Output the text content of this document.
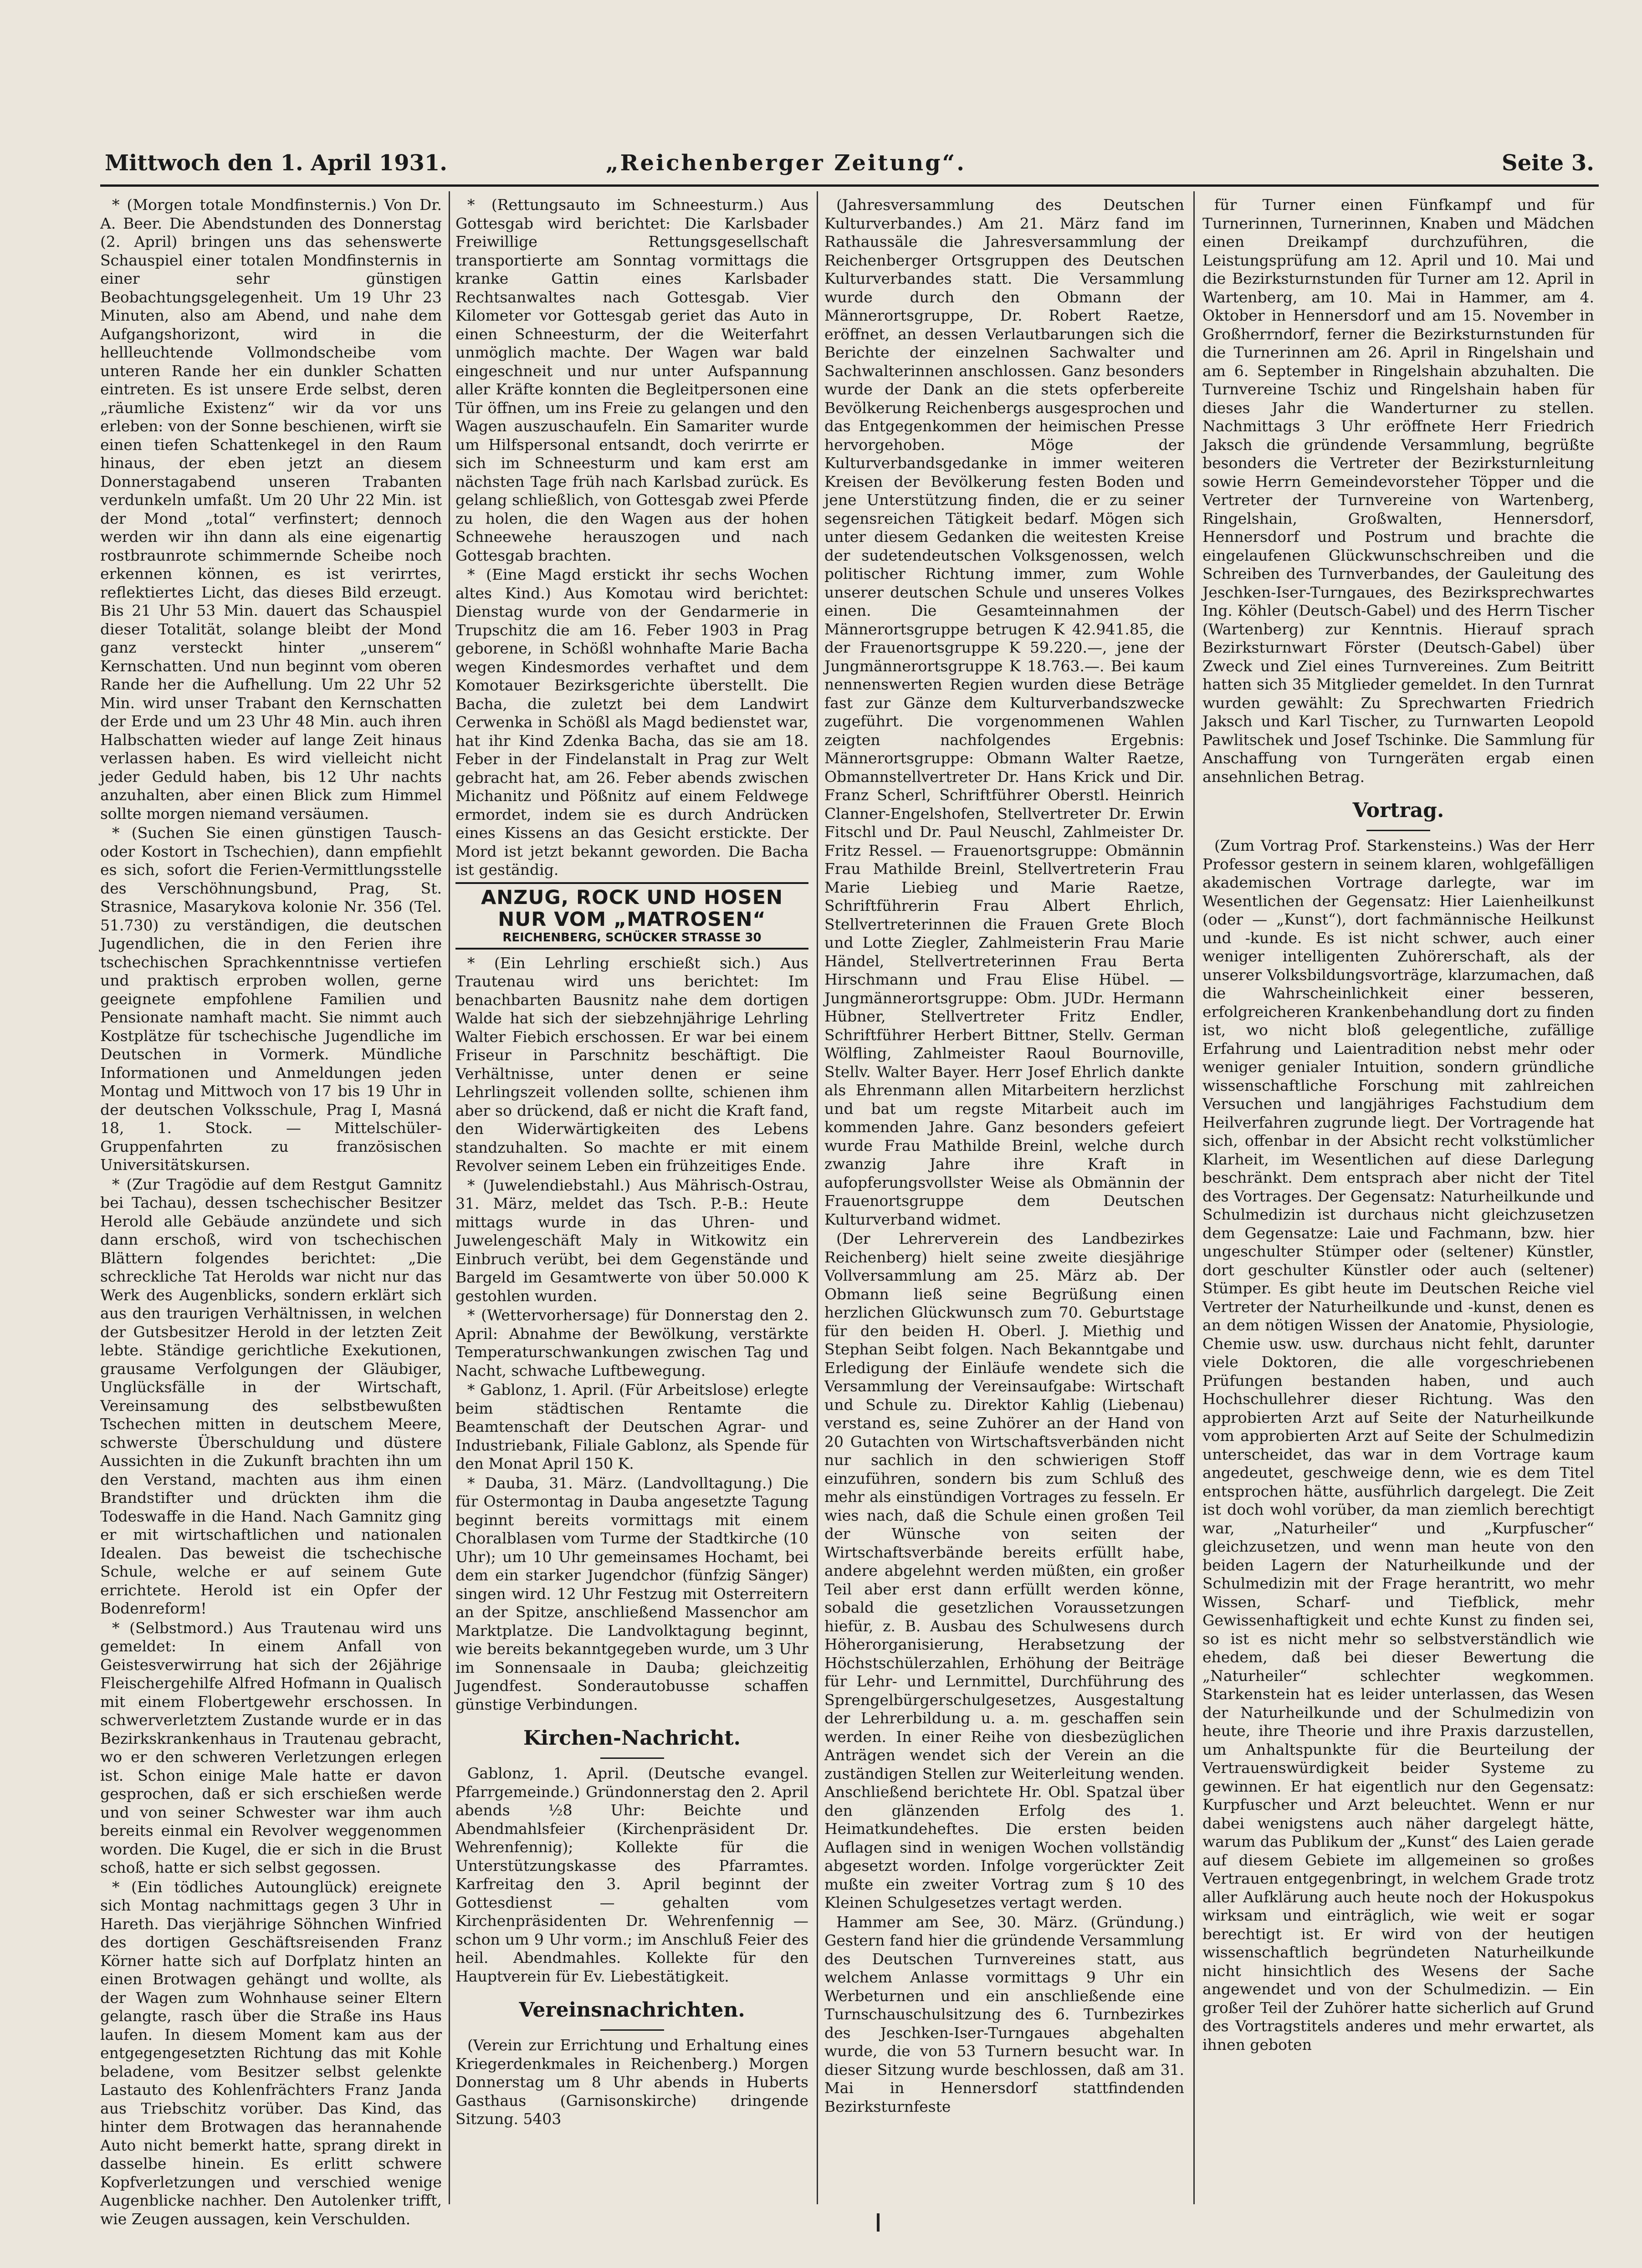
Mittwoch den 1. April 1931.	„Reichenberger Zeitung“.	Seite 3.

* (Morgen totale Mondfinsternis.) Von Dr. A. Beer. Die Abendstunden des Donnerstag (2. April) bringen uns das sehenswerte Schauspiel einer totalen Mondfinsternis in einer sehr günstigen Beobachtungsgelegenheit. Um 19 Uhr 23 Minuten, also am Abend, und nahe dem Aufgangshorizont, wird in die hellleuchtende Vollmondscheibe vom unteren Rande her ein dunkler Schatten eintreten. Es ist unsere Erde selbst, deren „räumliche Existenz“ wir da vor uns erleben: von der Sonne beschienen, wirft sie einen tiefen Schattenkegel in den Raum hinaus, der eben jetzt an diesem Donnerstagabend unseren Trabanten verdunkeln umfaßt. Um 20 Uhr 22 Min. ist der Mond „total“ verfinstert; dennoch werden wir ihn dann als eine eigenartig rostbraunrote schimmernde Scheibe noch erkennen können, es ist verirrtes, reflektiertes Licht, das dieses Bild erzeugt. Bis 21 Uhr 53 Min. dauert das Schauspiel dieser Totalität, solange bleibt der Mond ganz versteckt hinter „unserem“ Kernschatten. Und nun beginnt vom oberen Rande her die Aufhellung. Um 22 Uhr 52 Min. wird unser Trabant den Kernschatten der Erde und um 23 Uhr 48 Min. auch ihren Halbschatten wieder auf lange Zeit hinaus verlassen haben. Es wird vielleicht nicht jeder Geduld haben, bis 12 Uhr nachts anzuhalten, aber einen Blick zum Himmel sollte morgen niemand versäumen.

* (Suchen Sie einen günstigen Tausch- oder Kostort in Tschechien), dann empfiehlt es sich, sofort die Ferien-Vermittlungsstelle des Verschöhnungsbund, Prag, St. Strasnice, Masarykova kolonie Nr. 356 (Tel. 51.730) zu verständigen, die deutschen Jugendlichen, die in den Ferien ihre tschechischen Sprachkenntnisse vertiefen und praktisch erproben wollen, gerne geeignete empfohlene Familien und Pensionate namhaft macht. Sie nimmt auch Kostplätze für tschechische Jugendliche im Deutschen in Vormerk. Mündliche Informationen und Anmeldungen jeden Montag und Mittwoch von 17 bis 19 Uhr in der deutschen Volksschule, Prag I, Masná 18, 1. Stock. — Mittelschüler-Gruppenfahrten zu französischen Universitätskursen.

* (Zur Tragödie auf dem Restgut Gamnitz bei Tachau), dessen tschechischer Besitzer Herold alle Gebäude anzündete und sich dann erschoß, wird von tschechischen Blättern folgendes berichtet: „Die schreckliche Tat Herolds war nicht nur das Werk des Augenblicks, sondern erklärt sich aus den traurigen Verhältnissen, in welchen der Gutsbesitzer Herold in der letzten Zeit lebte. Ständige gerichtliche Exekutionen, grausame Verfolgungen der Gläubiger, Unglücksfälle in der Wirtschaft, Vereinsamung des selbstbewußten Tschechen mitten in deutschem Meere, schwerste Überschuldung und düstere Aussichten in die Zukunft brachten ihn um den Verstand, machten aus ihm einen Brandstifter und drückten ihm die Todeswaffe in die Hand. Nach Gamnitz ging er mit wirtschaftlichen und nationalen Idealen. Das beweist die tschechische Schule, welche er auf seinem Gute errichtete. Herold ist ein Opfer der Bodenreform!

* (Selbstmord.) Aus Trautenau wird uns gemeldet: In einem Anfall von Geistesverwirrung hat sich der 26jährige Fleischergehilfe Alfred Hofmann in Qualisch mit einem Flobertgewehr erschossen. In schwerverletztem Zustande wurde er in das Bezirkskrankenhaus in Trautenau gebracht, wo er den schweren Verletzungen erlegen ist. Schon einige Male hatte er davon gesprochen, daß er sich erschießen werde und von seiner Schwester war ihm auch bereits einmal ein Revolver weggenommen worden. Die Kugel, die er sich in die Brust schoß, hatte er sich selbst gegossen.

* (Ein tödliches Autounglück) ereignete sich Montag nachmittags gegen 3 Uhr in Hareth. Das vierjährige Söhnchen Winfried des dortigen Geschäftsreisenden Franz Körner hatte sich auf Dorfplatz hinten an einen Brotwagen gehängt und wollte, als der Wagen zum Wohnhause seiner Eltern gelangte, rasch über die Straße ins Haus laufen. In diesem Moment kam aus der entgegengesetzten Richtung das mit Kohle beladene, vom Besitzer selbst gelenkte Lastauto des Kohlenfrächters Franz Janda aus Triebschitz vorüber. Das Kind, das hinter dem Brotwagen das herannahende Auto nicht bemerkt hatte, sprang direkt in dasselbe hinein. Es erlitt schwere Kopfverletzungen und verschied wenige Augenblicke nachher. Den Autolenker trifft, wie Zeugen aussagen, kein Verschulden.

* (Rettungsauto im Schneesturm.) Aus Gottesgab wird berichtet: Die Karlsbader Freiwillige Rettungsgesellschaft transportierte am Sonntag vormittags die kranke Gattin eines Karlsbader Rechtsanwaltes nach Gottesgab. Vier Kilometer vor Gottesgab geriet das Auto in einen Schneesturm, der die Weiterfahrt unmöglich machte. Der Wagen war bald eingeschneit und nur unter Aufspannung aller Kräfte konnten die Begleitpersonen eine Tür öffnen, um ins Freie zu gelangen und den Wagen auszuschaufeln. Ein Samariter wurde um Hilfspersonal entsandt, doch verirrte er sich im Schneesturm und kam erst am nächsten Tage früh nach Karlsbad zurück. Es gelang schließlich, von Gottesgab zwei Pferde zu holen, die den Wagen aus der hohen Schneewehe herauszogen und nach Gottesgab brachten.

* (Eine Magd erstickt ihr sechs Wochen altes Kind.) Aus Komotau wird berichtet: Dienstag wurde von der Gendarmerie in Trupschitz die am 16. Feber 1903 in Prag geborene, in Schößl wohnhafte Marie Bacha wegen Kindesmordes verhaftet und dem Komotauer Bezirksgerichte überstellt. Die Bacha, die zuletzt bei dem Landwirt Cerwenka in Schößl als Magd bedienstet war, hat ihr Kind Zdenka Bacha, das sie am 18. Feber in der Findelanstalt in Prag zur Welt gebracht hat, am 26. Feber abends zwischen Michanitz und Pößnitz auf einem Feldwege ermordet, indem sie es durch Andrücken eines Kissens an das Gesicht erstickte. Der Mord ist jetzt bekannt geworden. Die Bacha ist geständig.

ANZUG, ROCK UND HOSEN NUR VOM „MATROSEN“
REICHENBERG, SCHÜCKER STRASSE 30

* (Ein Lehrling erschießt sich.) Aus Trautenau wird uns berichtet: Im benachbarten Bausnitz nahe dem dortigen Walde hat sich der siebzehnjährige Lehrling Walter Fiebich erschossen. Er war bei einem Friseur in Parschnitz beschäftigt. Die Verhältnisse, unter denen er seine Lehrlingszeit vollenden sollte, schienen ihm aber so drückend, daß er nicht die Kraft fand, den Widerwärtigkeiten des Lebens standzuhalten. So machte er mit einem Revolver seinem Leben ein frühzeitiges Ende.

* (Juwelendiebstahl.) Aus Mährisch-Ostrau, 31. März, meldet das Tsch. P.-B.: Heute mittags wurde in das Uhren- und Juwelengeschäft Maly in Witkowitz ein Einbruch verübt, bei dem Gegenstände und Bargeld im Gesamtwerte von über 50.000 K gestohlen wurden.

* (Wettervorhersage) für Donnerstag den 2. April: Abnahme der Bewölkung, verstärkte Temperaturschwankungen zwischen Tag und Nacht, schwache Luftbewegung.

* Gablonz, 1. April. (Für Arbeitslose) erlegte beim städtischen Rentamte die Beamtenschaft der Deutschen Agrar- und Industriebank, Filiale Gablonz, als Spende für den Monat April 150 K.

* Dauba, 31. März. (Landvolltagung.) Die für Ostermontag in Dauba angesetzte Tagung beginnt bereits vormittags mit einem Choralblasen vom Turme der Stadtkirche (10 Uhr); um 10 Uhr gemeinsames Hochamt, bei dem ein starker Jugendchor (fünfzig Sänger) singen wird. 12 Uhr Festzug mit Osterreitern an der Spitze, anschließend Massenchor am Marktplatze. Die Landvolktagung beginnt, wie bereits bekanntgegeben wurde, um 3 Uhr im Sonnensaale in Dauba; gleichzeitig Jugendfest. Sonderautobusse schaffen günstige Verbindungen.

Kirchen-Nachricht.

Gablonz, 1. April. (Deutsche evangel. Pfarrgemeinde.) Gründonnerstag den 2. April abends ½8 Uhr: Beichte und Abendmahlsfeier (Kirchenpräsident Dr. Wehrenfennig); Kollekte für die Unterstützungskasse des Pfarramtes. Karfreitag den 3. April beginnt der Gottesdienst — gehalten vom Kirchenpräsidenten Dr. Wehrenfennig — schon um 9 Uhr vorm.; im Anschluß Feier des heil. Abendmahles. Kollekte für den Hauptverein für Ev. Liebestätigkeit.

Vereinsnachrichten.

(Verein zur Errichtung und Erhaltung eines Kriegerdenkmales in Reichenberg.) Morgen Donnerstag um 8 Uhr abends in Huberts Gasthaus (Garnisonskirche) dringende Sitzung. 5403

(Jahresversammlung des Deutschen Kulturverbandes.) Am 21. März fand im Rathaussäle die Jahresversammlung der Reichenberger Ortsgruppen des Deutschen Kulturverbandes statt. Die Versammlung wurde durch den Obmann der Männerortsgruppe, Dr. Robert Raetze, eröffnet, an dessen Verlautbarungen sich die Berichte der einzelnen Sachwalter und Sachwalterinnen anschlossen. Ganz besonders wurde der Dank an die stets opferbereite Bevölkerung Reichenbergs ausgesprochen und das Entgegenkommen der heimischen Presse hervorgehoben. Möge der Kulturverbandsgedanke in immer weiteren Kreisen der Bevölkerung festen Boden und jene Unterstützung finden, die er zu seiner segensreichen Tätigkeit bedarf. Mögen sich unter diesem Gedanken die weitesten Kreise der sudetendeutschen Volksgenossen, welch politischer Richtung immer, zum Wohle unserer deutschen Schule und unseres Volkes einen. Die Gesamteinnahmen der Männerortsgruppe betrugen K 42.941.85, die der Frauenortsgruppe K 59.220.—, jene der Jungmännerortsgruppe K 18.763.—. Bei kaum nennenswerten Regien wurden diese Beträge fast zur Gänze dem Kulturverbandszwecke zugeführt. Die vorgenommenen Wahlen zeigten nachfolgendes Ergebnis: Männerortsgruppe: Obmann Walter Raetze, Obmannstellvertreter Dr. Hans Krick und Dir. Franz Scherl, Schriftführer Oberstl. Heinrich Clanner-Engelshofen, Stellvertreter Dr. Erwin Fitschl und Dr. Paul Neuschl, Zahlmeister Dr. Fritz Ressel. — Frauenortsgruppe: Obmännin Frau Mathilde Breinl, Stellvertreterin Frau Marie Liebieg und Marie Raetze, Schriftführerin Frau Albert Ehrlich, Stellvertreterinnen die Frauen Grete Bloch und Lotte Ziegler, Zahlmeisterin Frau Marie Händel, Stellvertreterinnen Frau Berta Hirschmann und Frau Elise Hübel. — Jungmännerortsgruppe: Obm. JUDr. Hermann Hübner, Stellvertreter Fritz Endler, Schriftführer Herbert Bittner, Stellv. German Wölfling, Zahlmeister Raoul Bournoville, Stellv. Walter Bayer. Herr Josef Ehrlich dankte als Ehrenmann allen Mitarbeitern herzlichst und bat um regste Mitarbeit auch im kommenden Jahre. Ganz besonders gefeiert wurde Frau Mathilde Breinl, welche durch zwanzig Jahre ihre Kraft in aufopferungsvollster Weise als Obmännin der Frauenortsgruppe dem Deutschen Kulturverband widmet.

(Der Lehrerverein des Landbezirkes Reichenberg) hielt seine zweite diesjährige Vollversammlung am 25. März ab. Der Obmann ließ seine Begrüßung einen herzlichen Glückwunsch zum 70. Geburtstage für den beiden H. Oberl. J. Miethig und Stephan Seibt folgen. Nach Bekanntgabe und Erledigung der Einläufe wendete sich die Versammlung der Vereinsaufgabe: Wirtschaft und Schule zu. Direktor Kahlig (Liebenau) verstand es, seine Zuhörer an der Hand von 20 Gutachten von Wirtschaftsverbänden nicht nur sachlich in den schwierigen Stoff einzuführen, sondern bis zum Schluß des mehr als einstündigen Vortrages zu fesseln. Er wies nach, daß die Schule einen großen Teil der Wünsche von seiten der Wirtschaftsverbände bereits erfüllt habe, andere abgelehnt werden müßten, ein großer Teil aber erst dann erfüllt werden könne, sobald die gesetzlichen Voraussetzungen hiefür, z. B. Ausbau des Schulwesens durch Höherorganisierung, Herabsetzung der Höchstschülerzahlen, Erhöhung der Beiträge für Lehr- und Lernmittel, Durchführung des Sprengelbürgerschulgesetzes, Ausgestaltung der Lehrerbildung u. a. m. geschaffen sein werden. In einer Reihe von diesbezüglichen Anträgen wendet sich der Verein an die zuständigen Stellen zur Weiterleitung wenden. Anschließend berichtete Hr. Obl. Spatzal über den glänzenden Erfolg des 1. Heimatkundeheftes. Die ersten beiden Auflagen sind in wenigen Wochen vollständig abgesetzt worden. Infolge vorgerückter Zeit mußte ein zweiter Vortrag zum § 10 des Kleinen Schulgesetzes vertagt werden.

Hammer am See, 30. März. (Gründung.) Gestern fand hier die gründende Versammlung des Deutschen Turnvereines statt, aus welchem Anlasse vormittags 9 Uhr ein Werbeturnen und ein anschließende eine Turnschauschulsitzung des 6. Turnbezirkes des Jeschken-Iser-Turngaues abgehalten wurde, die von 53 Turnern besucht war. In dieser Sitzung wurde beschlossen, daß am 31. Mai in Hennersdorf stattfindenden Bezirksturnfeste

für Turner einen Fünfkampf und für Turnerinnen, Turnerinnen, Knaben und Mädchen einen Dreikampf durchzuführen, die Leistungsprüfung am 12. April und 10. Mai und die Bezirksturnstunden für Turner am 12. April in Wartenberg, am 10. Mai in Hammer, am 4. Oktober in Hennersdorf und am 15. November in Großherrndorf, ferner die Bezirksturnstunden für die Turnerinnen am 26. April in Ringelshain und am 6. September in Ringelshain abzuhalten. Die Turnvereine Tschiz und Ringelshain haben für dieses Jahr die Wanderturner zu stellen. Nachmittags 3 Uhr eröffnete Herr Friedrich Jaksch die gründende Versammlung, begrüßte besonders die Vertreter der Bezirksturnleitung sowie Herrn Gemeindevorsteher Töpper und die Vertreter der Turnvereine von Wartenberg, Ringelshain, Großwalten, Hennersdorf, Hennersdorf und Postrum und brachte die eingelaufenen Glückwunschschreiben und die Schreiben des Turnverbandes, der Gauleitung des Jeschken-Iser-Turngaues, des Bezirksprechwartes Ing. Köhler (Deutsch-Gabel) und des Herrn Tischer (Wartenberg) zur Kenntnis. Hierauf sprach Bezirksturnwart Förster (Deutsch-Gabel) über Zweck und Ziel eines Turnvereines. Zum Beitritt hatten sich 35 Mitglieder gemeldet. In den Turnrat wurden gewählt: Zu Sprechwarten Friedrich Jaksch und Karl Tischer, zu Turnwarten Leopold Pawlitschek und Josef Tschinke. Die Sammlung für Anschaffung von Turngeräten ergab einen ansehnlichen Betrag.

Vortrag.

(Zum Vortrag Prof. Starkensteins.) Was der Herr Professor gestern in seinem klaren, wohlgefälligen akademischen Vortrage darlegte, war im Wesentlichen der Gegensatz: Hier Laienheilkunst (oder — „Kunst“), dort fachmännische Heilkunst und -kunde. Es ist nicht schwer, auch einer weniger intelligenten Zuhörerschaft, als der unserer Volksbildungsvorträge, klarzumachen, daß die Wahrscheinlichkeit einer besseren, erfolgreicheren Krankenbehandlung dort zu finden ist, wo nicht bloß gelegentliche, zufällige Erfahrung und Laientradition nebst mehr oder weniger genialer Intuition, sondern gründliche wissenschaftliche Forschung mit zahlreichen Versuchen und langjähriges Fachstudium dem Heilverfahren zugrunde liegt. Der Vortragende hat sich, offenbar in der Absicht recht volkstümlicher Klarheit, im Wesentlichen auf diese Darlegung beschränkt. Dem entsprach aber nicht der Titel des Vortrages. Der Gegensatz: Naturheilkunde und Schulmedizin ist durchaus nicht gleichzusetzen dem Gegensatze: Laie und Fachmann, bzw. hier ungeschulter Stümper oder (seltener) Künstler, dort geschulter Künstler oder auch (seltener) Stümper. Es gibt heute im Deutschen Reiche viel Vertreter der Naturheilkunde und -kunst, denen es an dem nötigen Wissen der Anatomie, Physiologie, Chemie usw. usw. durchaus nicht fehlt, darunter viele Doktoren, die alle vorgeschriebenen Prüfungen bestanden haben, und auch Hochschullehrer dieser Richtung. Was den approbierten Arzt auf Seite der Naturheilkunde vom approbierten Arzt auf Seite der Schulmedizin unterscheidet, das war in dem Vortrage kaum angedeutet, geschweige denn, wie es dem Titel entsprochen hätte, ausführlich dargelegt. Die Zeit ist doch wohl vorüber, da man ziemlich berechtigt war, „Naturheiler“ und „Kurpfuscher“ gleichzusetzen, und wenn man heute von den beiden Lagern der Naturheilkunde und der Schulmedizin mit der Frage herantritt, wo mehr Wissen, Scharf- und Tiefblick, mehr Gewissenhaftigkeit und echte Kunst zu finden sei, so ist es nicht mehr so selbstverständlich wie ehedem, daß bei dieser Bewertung die „Naturheiler“ schlechter wegkommen. Starkenstein hat es leider unterlassen, das Wesen der Naturheilkunde und der Schulmedizin von heute, ihre Theorie und ihre Praxis darzustellen, um Anhaltspunkte für die Beurteilung der Vertrauenswürdigkeit beider Systeme zu gewinnen. Er hat eigentlich nur den Gegensatz: Kurpfuscher und Arzt beleuchtet. Wenn er nur dabei wenigstens auch näher dargelegt hätte, warum das Publikum der „Kunst“ des Laien gerade auf diesem Gebiete im allgemeinen so großes Vertrauen entgegenbringt, in welchem Grade trotz aller Aufklärung auch heute noch der Hokuspokus wirksam und einträglich, wie weit er sogar berechtigt ist. Er wird von der heutigen wissenschaftlich begründeten Naturheilkunde nicht hinsichtlich des Wesens der Sache angewendet und von der Schulmedizin. — Ein großer Teil der Zuhörer hatte sicherlich auf Grund des Vortragstitels anderes und mehr erwartet, als ihnen geboten
